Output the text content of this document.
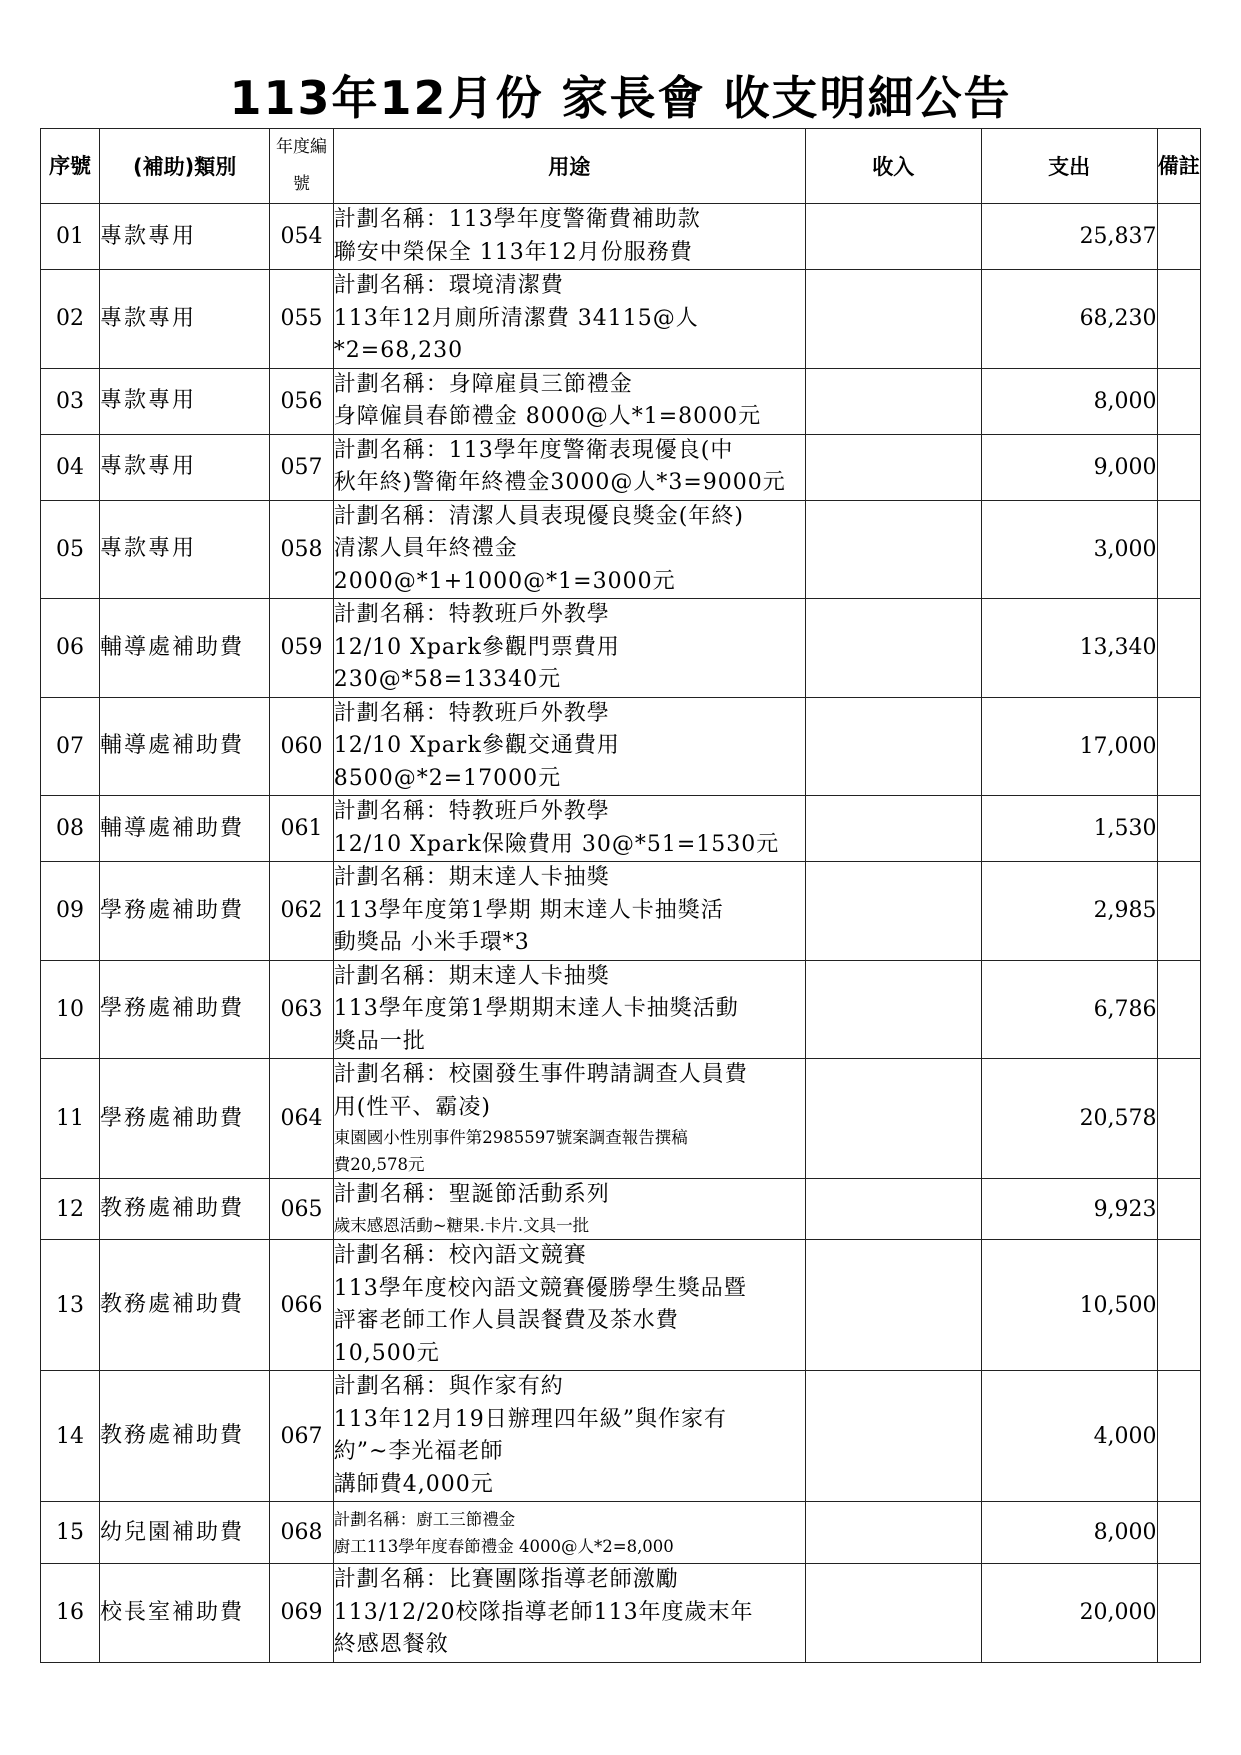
113年12月份 家長會 收支明細公告
序號	(補助)類別	年度編號	用途	收入	支出	備註
01	專款專用	054	計劃名稱：113學年度警衛費補助款
聯安中榮保全 113年12月份服務費		25,837	
02	專款專用	055	計劃名稱：環境清潔費
113年12月廁所清潔費 34115@人
*2=68,230		68,230	
03	專款專用	056	計劃名稱：身障雇員三節禮金
身障僱員春節禮金 8000@人*1=8000元		8,000	
04	專款專用	057	計劃名稱：113學年度警衛表現優良(中
秋年終)警衛年終禮金3000@人*3=9000元		9,000	
05	專款專用	058	計劃名稱：清潔人員表現優良獎金(年終)
清潔人員年終禮金
2000@*1+1000@*1=3000元		3,000	
06	輔導處補助費	059	計劃名稱：特教班戶外教學
12/10 Xpark參觀門票費用
230@*58=13340元		13,340	
07	輔導處補助費	060	計劃名稱：特教班戶外教學
12/10 Xpark參觀交通費用
8500@*2=17000元		17,000	
08	輔導處補助費	061	計劃名稱：特教班戶外教學
12/10 Xpark保險費用 30@*51=1530元		1,530	
09	學務處補助費	062	計劃名稱：期末達人卡抽獎
113學年度第1學期 期末達人卡抽獎活
動獎品 小米手環*3		2,985	
10	學務處補助費	063	計劃名稱：期末達人卡抽獎
113學年度第1學期期末達人卡抽獎活動
獎品一批		6,786	
11	學務處補助費	064	計劃名稱：校園發生事件聘請調查人員費
用(性平、霸凌)
東園國小性別事件第2985597號案調查報告撰稿
費20,578元		20,578	
12	教務處補助費	065	計劃名稱：聖誕節活動系列
歲末感恩活動~糖果.卡片.文具一批		9,923	
13	教務處補助費	066	計劃名稱：校內語文競賽
113學年度校內語文競賽優勝學生獎品暨
評審老師工作人員誤餐費及茶水費
10,500元		10,500	
14	教務處補助費	067	計劃名稱：與作家有約
113年12月19日辦理四年級”與作家有
約”~李光福老師
講師費4,000元		4,000	
15	幼兒園補助費	068	計劃名稱：廚工三節禮金
廚工113學年度春節禮金 4000@人*2=8,000		8,000	
16	校長室補助費	069	計劃名稱：比賽團隊指導老師激勵
113/12/20校隊指導老師113年度歲末年
終感恩餐敘		20,000	
